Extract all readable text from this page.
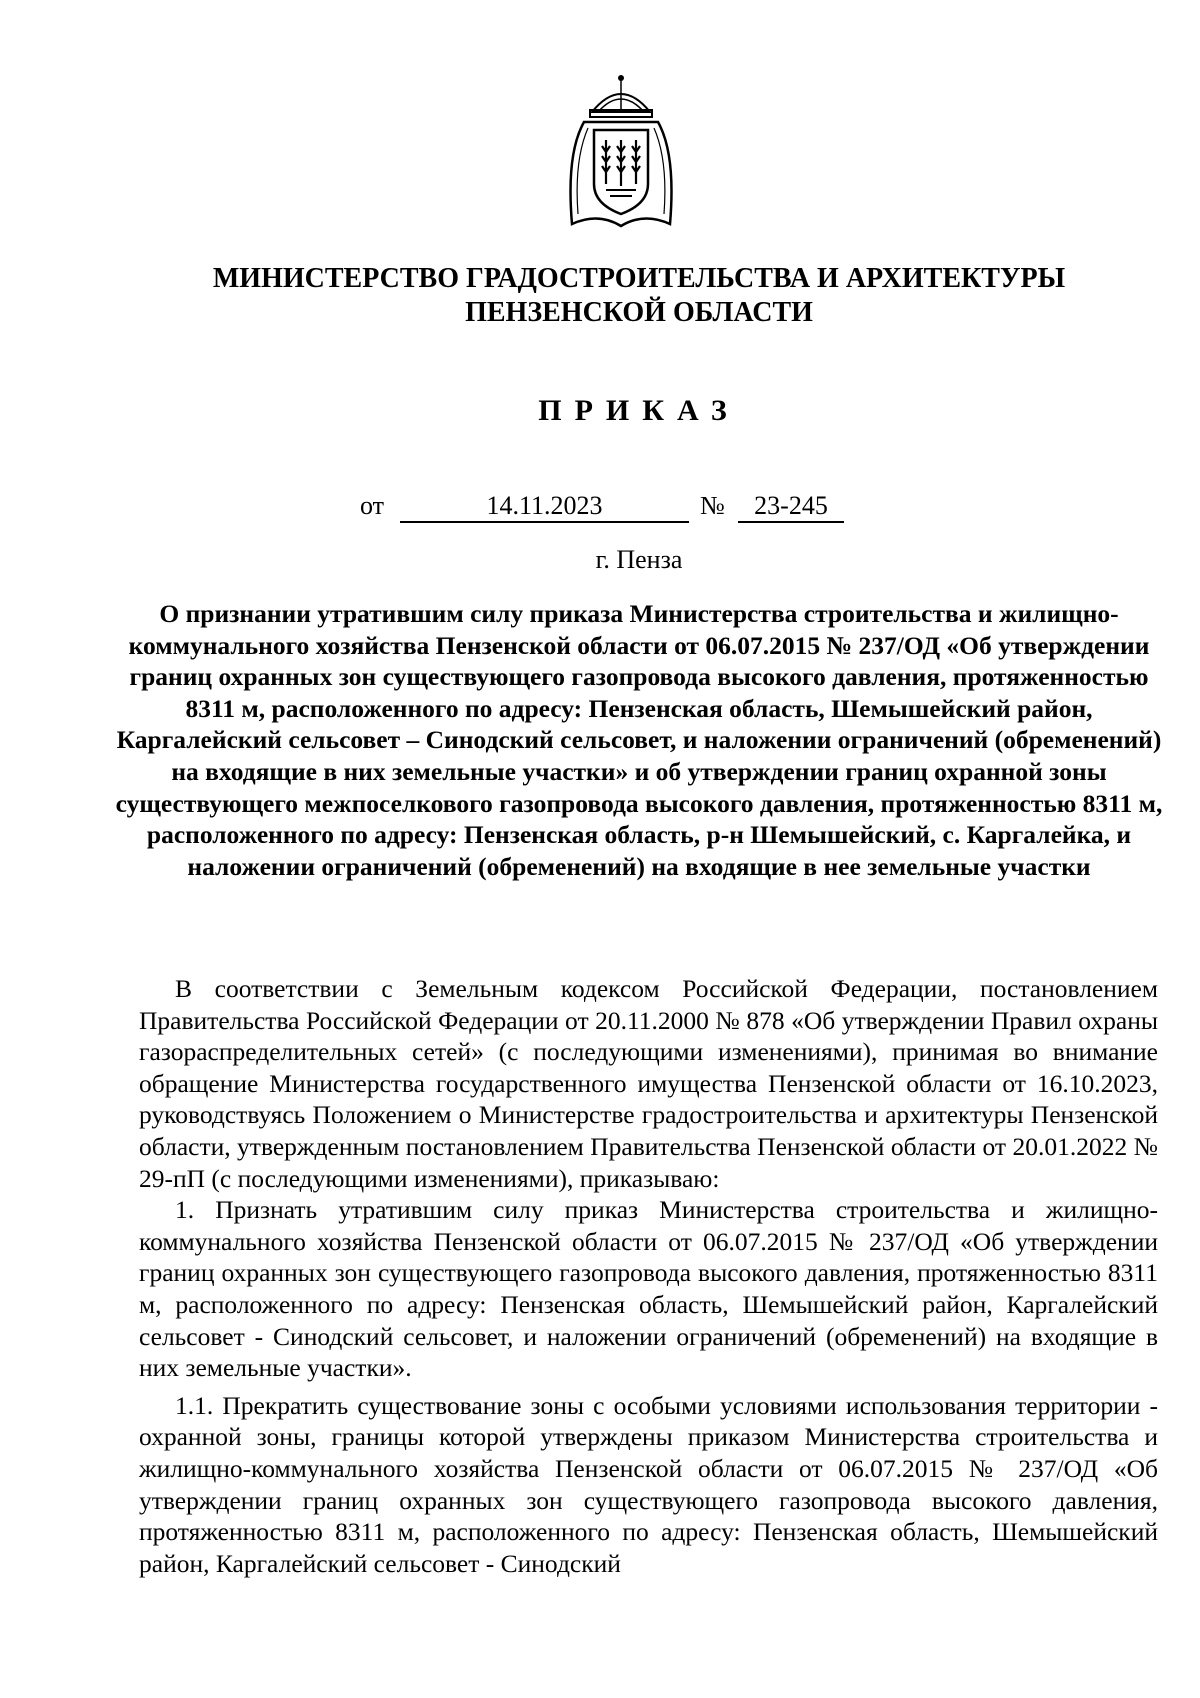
МИНИСТЕРСТВО ГРАДОСТРОИТЕЛЬСТВА И АРХИТЕКТУРЫ
ПЕНЗЕНСКОЙ ОБЛАСТИ
ПРИКАЗ
от	14.11.2023	№	23-245
г. Пенза
О признании утратившим силу приказа Министерства строительства и жилищно-коммунального хозяйства Пензенской области от 06.07.2015 № 237/ОД «Об утверждении границ охранных зон существующего газопровода высокого давления, протяженностью 8311 м, расположенного по адресу: Пензенская область, Шемышейский район, Каргалейский сельсовет – Синодский сельсовет, и наложении ограничений (обременений) на входящие в них земельные участки» и об утверждении границ охранной зоны существующего межпоселкового газопровода высокого давления, протяженностью 8311 м, расположенного по адресу: Пензенская область, р-н Шемышейский, с. Каргалейка, и наложении ограничений (обременений) на входящие в нее земельные участки

В соответствии с Земельным кодексом Российской Федерации, постановлением Правительства Российской Федерации от 20.11.2000 № 878 «Об утверждении Правил охраны газораспределительных сетей» (с последующими изменениями), принимая во внимание обращение Министерства государственного имущества Пензенской области от 16.10.2023, руководствуясь Положением о Министерстве градостроительства и архитектуры Пензенской области, утвержденным постановлением Правительства Пензенской области от 20.01.2022 № 29-пП (с последующими изменениями), приказываю:

1. Признать утратившим силу приказ Министерства строительства и жилищно-коммунального хозяйства Пензенской области от 06.07.2015 № 237/ОД «Об утверждении границ охранных зон существующего газопровода высокого давления, протяженностью 8311 м, расположенного по адресу: Пензенская область, Шемышейский район, Каргалейский сельсовет - Синодский сельсовет, и наложении ограничений (обременений) на входящие в них земельные участки».

1.1. Прекратить существование зоны с особыми условиями использования территории - охранной зоны, границы которой утверждены приказом Министерства строительства и жилищно-коммунального хозяйства Пензенской области от 06.07.2015 № 237/ОД «Об утверждении границ охранных зон существующего газопровода высокого давления, протяженностью 8311 м, расположенного по адресу: Пензенская область, Шемышейский район, Каргалейский сельсовет - Синодский
